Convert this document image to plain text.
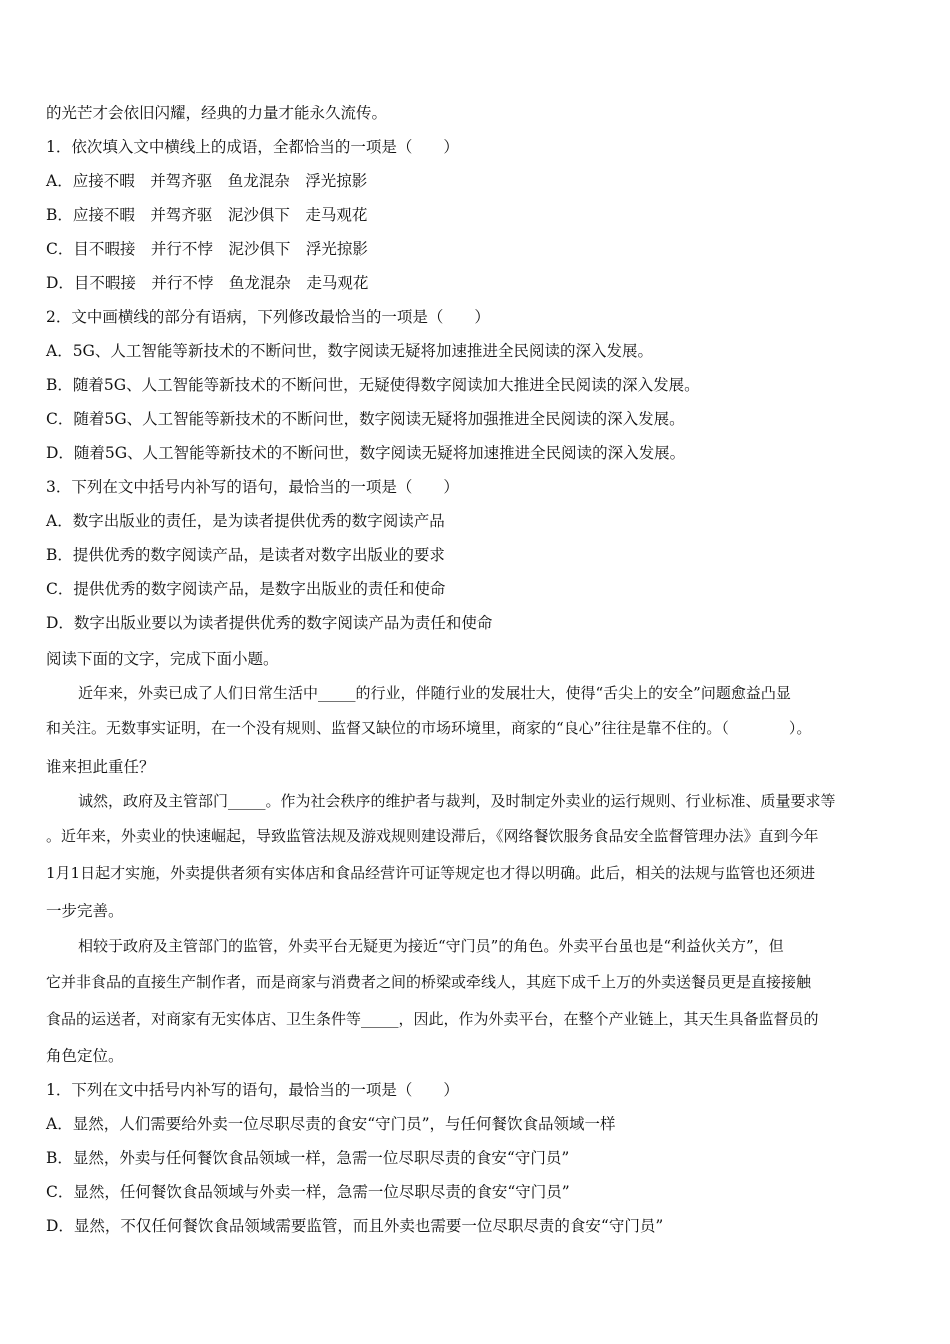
的光芒才会依旧闪耀，经典的力量才能永久流传。
1．依次填入文中横线上的成语，全都恰当的一项是（　　）
A．应接不暇　并驾齐驱　鱼龙混杂　浮光掠影
B．应接不暇　并驾齐驱　泥沙俱下　走马观花
C．目不暇接　并行不悖　泥沙俱下　浮光掠影
D．目不暇接　并行不悖　鱼龙混杂　走马观花
2．文中画横线的部分有语病，下列修改最恰当的一项是（　　）
A．5G、人工智能等新技术的不断问世，数字阅读无疑将加速推进全民阅读的深入发展。
B．随着5G、人工智能等新技术的不断问世，无疑使得数字阅读加大推进全民阅读的深入发展。
C．随着5G、人工智能等新技术的不断问世，数字阅读无疑将加强推进全民阅读的深入发展。
D．随着5G、人工智能等新技术的不断问世，数字阅读无疑将加速推进全民阅读的深入发展。
3．下列在文中括号内补写的语句，最恰当的一项是（　　）
A．数字出版业的责任，是为读者提供优秀的数字阅读产品
B．提供优秀的数字阅读产品，是读者对数字出版业的要求
C．提供优秀的数字阅读产品，是数字出版业的责任和使命
D．数字出版业要以为读者提供优秀的数字阅读产品为责任和使命
阅读下面的文字，完成下面小题。
近年来，外卖已成了人们日常生活中_____的行业，伴随行业的发展壮大，使得“舌尖上的安全”问题愈益凸显
和关注。无数事实证明，在一个没有规则、监督又缺位的市场环境里，商家的“良心”往往是靠不住的。（　　　　）。
谁来担此重任？
诚然，政府及主管部门_____。作为社会秩序的维护者与裁判，及时制定外卖业的运行规则、行业标准、质量要求等
。近年来，外卖业的快速崛起，导致监管法规及游戏规则建设滞后，《网络餐饮服务食品安全监督管理办法》直到今年
1月1日起才实施，外卖提供者须有实体店和食品经营许可证等规定也才得以明确。此后，相关的法规与监管也还须进
一步完善。
相较于政府及主管部门的监管，外卖平台无疑更为接近“守门员”的角色。外卖平台虽也是“利益伙关方”，但
它并非食品的直接生产制作者，而是商家与消费者之间的桥梁或牵线人，其庭下成千上万的外卖送餐员更是直接接触
食品的运送者，对商家有无实体店、卫生条件等_____，因此，作为外卖平台，在整个产业链上，其天生具备监督员的
角色定位。
1．下列在文中括号内补写的语句，最恰当的一项是（　　）
A．显然，人们需要给外卖一位尽职尽责的食安“守门员”，与任何餐饮食品领域一样
B．显然，外卖与任何餐饮食品领域一样，急需一位尽职尽责的食安“守门员”
C．显然，任何餐饮食品领域与外卖一样，急需一位尽职尽责的食安“守门员”
D．显然，不仅任何餐饮食品领域需要监管，而且外卖也需要一位尽职尽责的食安“守门员”
